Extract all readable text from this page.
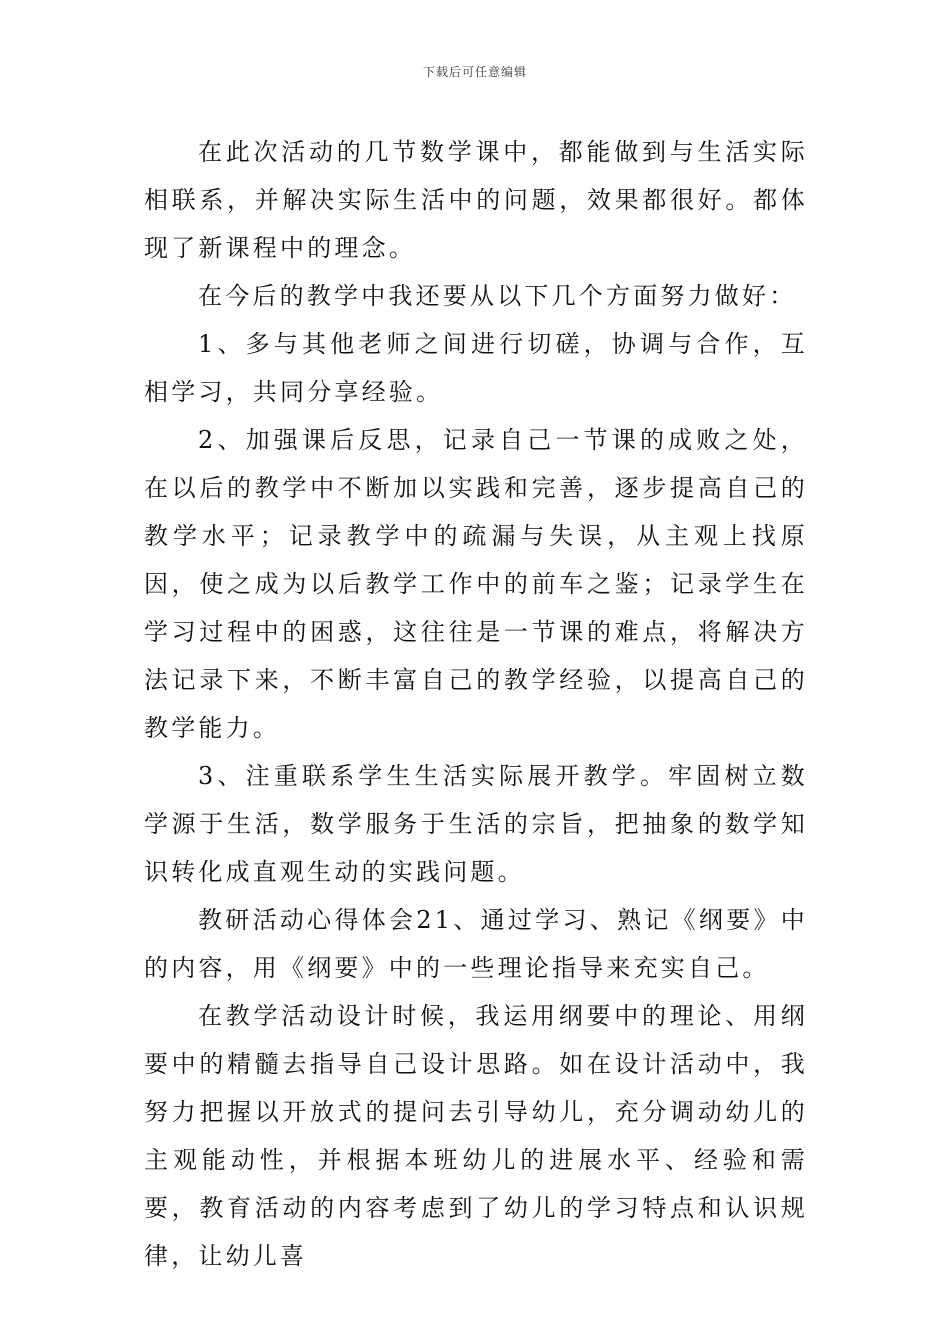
下载后可任意编辑

在此次活动的几节数学课中，都能做到与生活实际相联系，并解决实际生活中的问题，效果都很好。都体现了新课程中的理念。

在今后的教学中我还要从以下几个方面努力做好：

1、多与其他老师之间进行切磋，协调与合作，互相学习，共同分享经验。

2、加强课后反思，记录自己一节课的成败之处，在以后的教学中不断加以实践和完善，逐步提高自己的教学水平；记录教学中的疏漏与失误，从主观上找原因，使之成为以后教学工作中的前车之鉴；记录学生在学习过程中的困惑，这往往是一节课的难点，将解决方法记录下来，不断丰富自己的教学经验，以提高自己的教学能力。

3、注重联系学生生活实际展开教学。牢固树立数学源于生活，数学服务于生活的宗旨，把抽象的数学知识转化成直观生动的实践问题。

教研活动心得体会21、通过学习、熟记《纲要》中的内容，用《纲要》中的一些理论指导来充实自己。

在教学活动设计时候，我运用纲要中的理论、用纲要中的精髓去指导自己设计思路。如在设计活动中，我努力把握以开放式的提问去引导幼儿，充分调动幼儿的主观能动性，并根据本班幼儿的进展水平、经验和需要，教育活动的内容考虑到了幼儿的学习特点和认识规律，让幼儿喜
